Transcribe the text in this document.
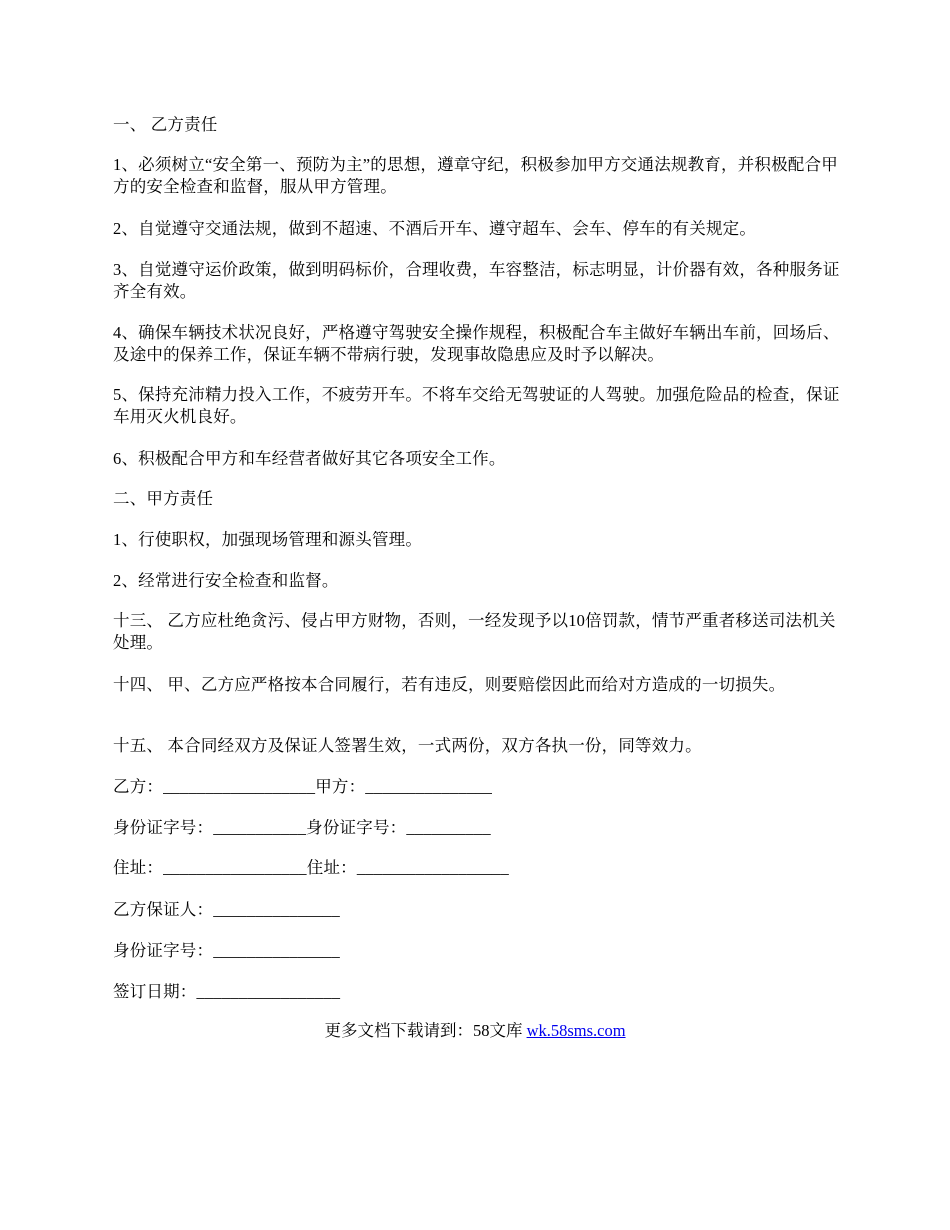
一、 乙方责任
1、必须树立“安全第一、预防为主”的思想，遵章守纪，积极参加甲方交通法规教育，并积极配合甲方的安全检查和监督，服从甲方管理。
2、自觉遵守交通法规，做到不超速、不酒后开车、遵守超车、会车、停车的有关规定。
3、自觉遵守运价政策，做到明码标价，合理收费，车容整洁，标志明显，计价器有效，各种服务证齐全有效。
4、确保车辆技术状况良好，严格遵守驾驶安全操作规程，积极配合车主做好车辆出车前，回场后、及途中的保养工作，保证车辆不带病行驶，发现事故隐患应及时予以解决。
5、保持充沛精力投入工作，不疲劳开车。不将车交给无驾驶证的人驾驶。加强危险品的检查，保证车用灭火机良好。
6、积极配合甲方和车经营者做好其它各项安全工作。
二、甲方责任
1、行使职权，加强现场管理和源头管理。
2、经常进行安全检查和监督。
十三、 乙方应杜绝贪污、侵占甲方财物，否则，一经发现予以10倍罚款，情节严重者移送司法机关处理。
十四、 甲、乙方应严格按本合同履行，若有违反，则要赔偿因此而给对方造成的一切损失。
十五、 本合同经双方及保证人签署生效，一式两份，双方各执一份，同等效力。
乙方：__________________甲方：_______________
身份证字号：___________身份证字号：__________
住址：_________________住址：__________________
乙方保证人：_______________
身份证字号：_______________
签订日期：_________________
更多文档下载请到：58文库 wk.58sms.com
